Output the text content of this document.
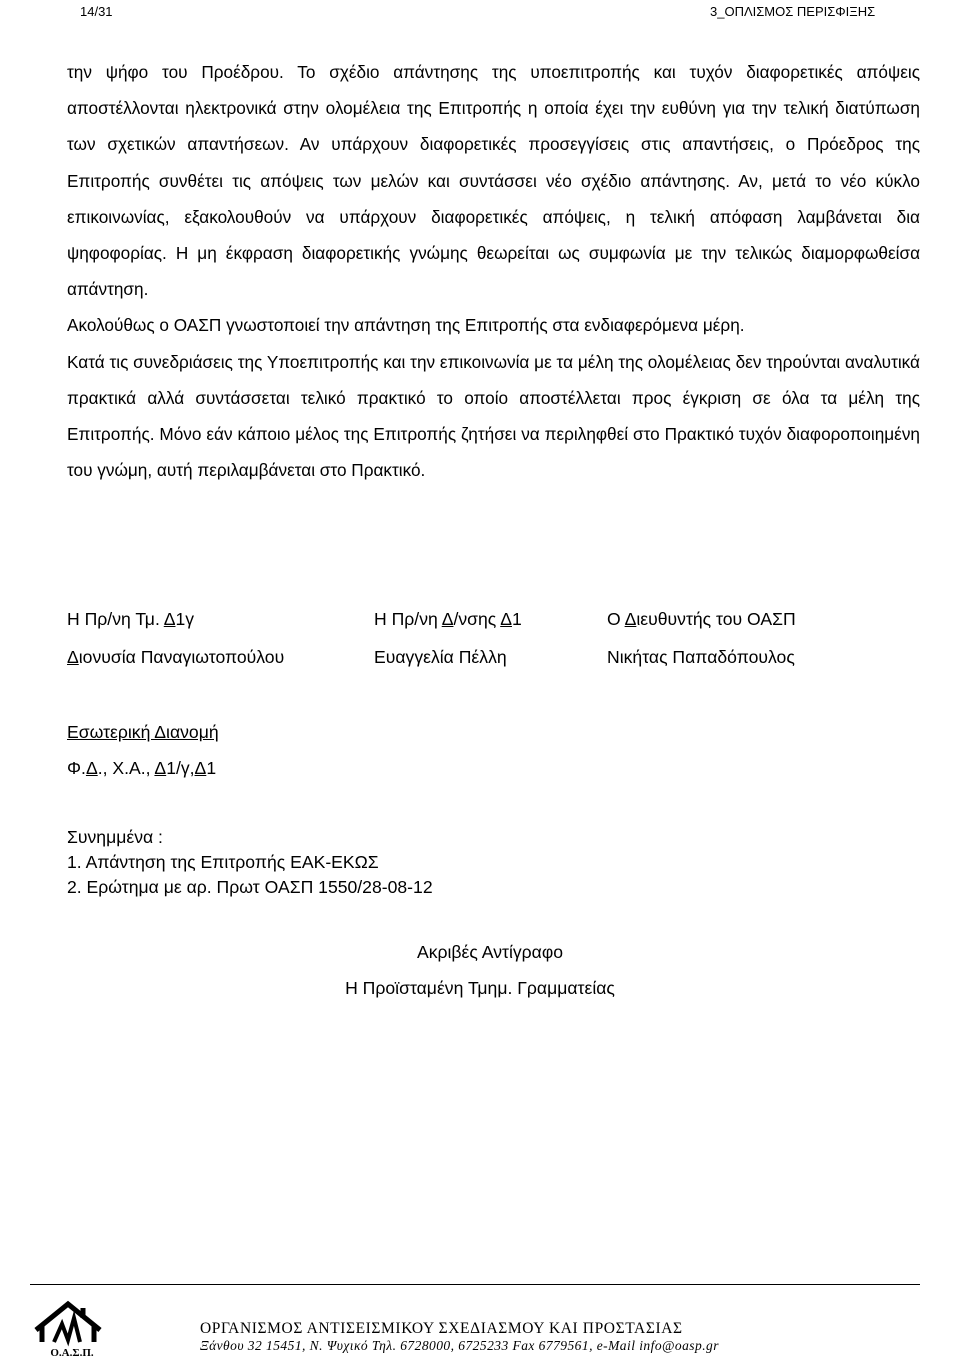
14/31	3_ΟΠΛΙΣΜΟΣ ΠΕΡΙΣΦΙΞΗΣ

την ψήφο του Προέδρου. Το σχέδιο απάντησης της υποεπιτροπής και τυχόν διαφορετικές απόψεις αποστέλλονται ηλεκτρονικά στην ολομέλεια της Επιτροπής η οποία έχει την ευθύνη για την τελική διατύπωση των σχετικών απαντήσεων. Αν υπάρχουν διαφορετικές προσεγγίσεις στις απαντήσεις, ο Πρόεδρος της Επιτροπής συνθέτει τις απόψεις των μελών και συντάσσει νέο σχέδιο απάντησης. Αν, μετά το νέο κύκλο επικοινωνίας, εξακολουθούν να υπάρχουν διαφορετικές απόψεις, η τελική απόφαση λαμβάνεται δια ψηφοφορίας. Η μη έκφραση διαφορετικής γνώμης θεωρείται ως συμφωνία με την τελικώς διαμορφωθείσα απάντηση.

Ακολούθως ο ΟΑΣΠ γνωστοποιεί την απάντηση της Επιτροπής στα ενδιαφερόμενα μέρη.

Κατά τις συνεδριάσεις της Υποεπιτροπής και την επικοινωνία με τα μέλη της ολομέλειας δεν τηρούνται αναλυτικά πρακτικά αλλά συντάσσεται τελικό πρακτικό το οποίο αποστέλλεται προς έγκριση σε όλα τα μέλη της Επιτροπής. Μόνο εάν κάποιο μέλος της Επιτροπής ζητήσει να περιληφθεί στο Πρακτικό τυχόν διαφοροποιημένη του γνώμη, αυτή περιλαμβάνεται στο Πρακτικό.

Η Πρ/νη Τμ. Δ1γ
Διονυσία Παναγιωτοπούλου
Η Πρ/νη Δ/νσης Δ1
Ευαγγελία Πέλλη
Ο Διευθυντής του ΟΑΣΠ
Νικήτας Παπαδόπουλος
Εσωτερική Διανομή
Φ.Δ., Χ.Α., Δ1/γ,Δ1
Συνημμένα :
1. Απάντηση της Επιτροπής ΕΑΚ-ΕΚΩΣ
2. Ερώτημα με αρ. Πρωτ ΟΑΣΠ 1550/28-08-12
Ακριβές Αντίγραφο
Η Προϊσταμένη Τμημ. Γραμματείας
Ο.Α.Σ.Π.
ΟΡΓΑΝΙΣΜΟΣ ΑΝΤΙΣΕΙΣΜΙΚΟΥ ΣΧΕΔΙΑΣΜΟΥ ΚΑΙ ΠΡΟΣΤΑΣΙΑΣ
Ξάνθου 32 15451, Ν. Ψυχικό Τηλ. 6728000, 6725233 Fax 6779561, e-Mail info@oasp.gr
